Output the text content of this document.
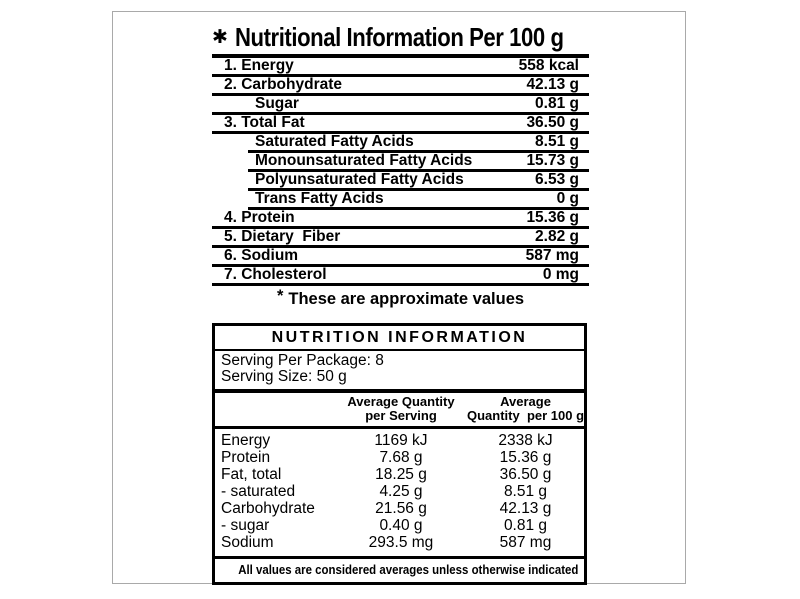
✱ Nutritional Information Per 100 g
1. Energy	558 kcal
2. Carbohydrate	42.13 g
Sugar	0.81 g
3. Total Fat	36.50 g
Saturated Fatty Acids	8.51 g
Monounsaturated Fatty Acids	15.73 g
Polyunsaturated Fatty Acids	6.53 g
Trans Fatty Acids	0 g
4. Protein	15.36 g
5. Dietary  Fiber	2.82 g
6. Sodium	587 mg
7. Cholesterol	0 mg
* These are approximate values
NUTRITION INFORMATION
Serving Per Package: 8
Serving Size: 50 g
Average Quantity
per Serving
Average
Quantity  per 100 g
Energy	1169 kJ	2338 kJ
Protein	7.68 g	15.36 g
Fat, total	18.25 g	36.50 g
- saturated	4.25 g	8.51 g
Carbohydrate	21.56 g	42.13 g
- sugar	0.40 g	0.81 g
Sodium	293.5 mg	587 mg
All values are considered averages unless otherwise indicated
